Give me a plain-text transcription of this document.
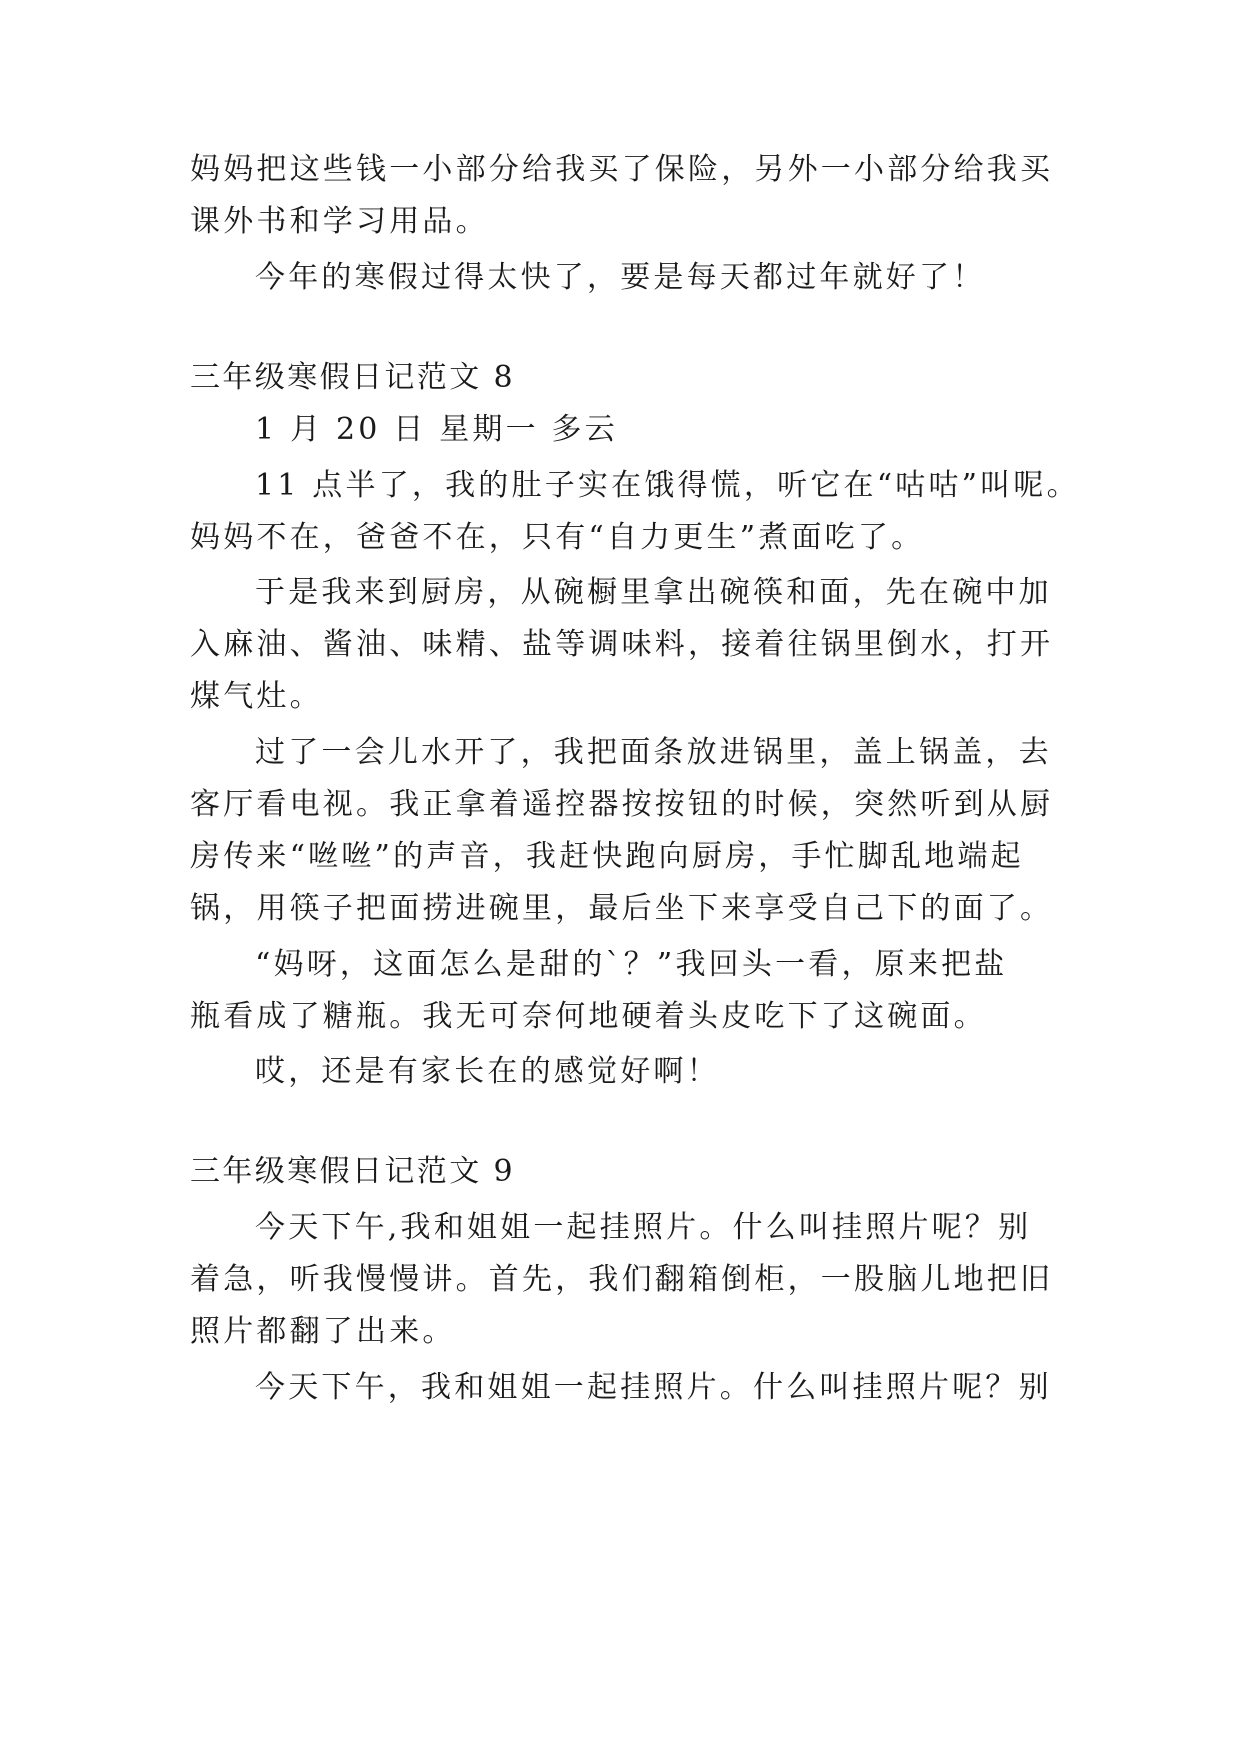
妈妈把这些钱一小部分给我买了保险，另外一小部分给我买
课外书和学习用品。
今年的寒假过得太快了，要是每天都过年就好了！
三年级寒假日记范文 8
1 月 20 日 星期一 多云
11 点半了，我的肚子实在饿得慌，听它在“咕咕”叫呢。
妈妈不在，爸爸不在，只有“自力更生”煮面吃了。
于是我来到厨房，从碗橱里拿出碗筷和面，先在碗中加
入麻油、酱油、味精、盐等调味料，接着往锅里倒水，打开
煤气灶。
过了一会儿水开了，我把面条放进锅里，盖上锅盖，去
客厅看电视。我正拿着遥控器按按钮的时候，突然听到从厨
房传来“咝咝”的声音，我赶快跑向厨房，手忙脚乱地端起
锅，用筷子把面捞进碗里，最后坐下来享受自己下的面了。
“妈呀，这面怎么是甜的`？”我回头一看，原来把盐
瓶看成了糖瓶。我无可奈何地硬着头皮吃下了这碗面。
哎，还是有家长在的感觉好啊！
三年级寒假日记范文 9
今天下午,我和姐姐一起挂照片。什么叫挂照片呢？别
着急，听我慢慢讲。首先，我们翻箱倒柜，一股脑儿地把旧
照片都翻了出来。
今天下午，我和姐姐一起挂照片。什么叫挂照片呢？别
